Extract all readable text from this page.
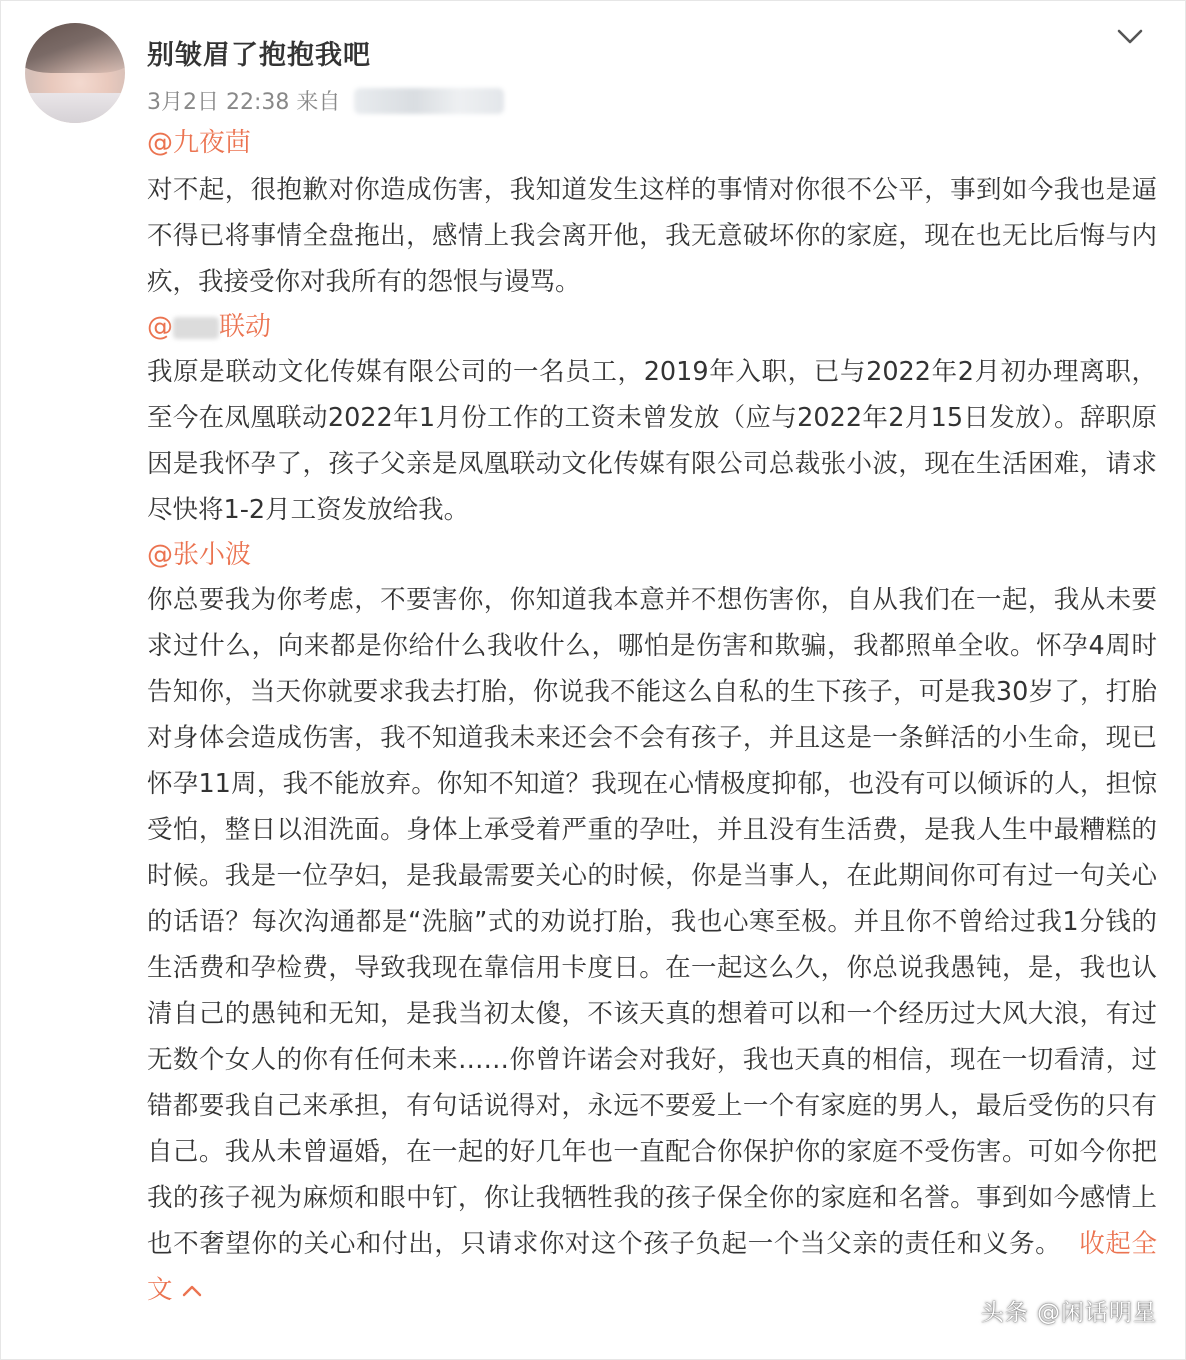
别皱眉了抱抱我吧
3月2日 22:38 来自
@九夜茴

对不起，很抱歉对你造成伤害，我知道发生这样的事情对你很不公平，事到如今我也是逼不得已将事情全盘拖出，感情上我会离开他，我无意破坏你的家庭，现在也无比后悔与内疚，我接受你对我所有的怨恨与谩骂。

@ 联动

我原是联动文化传媒有限公司的一名员工，2019年入职，已与2022年2月初办理离职，至今在凤凰联动2022年1月份工作的工资未曾发放（应与2022年2月15日发放）。辞职原因是我怀孕了，孩子父亲是凤凰联动文化传媒有限公司总裁张小波，现在生活困难，请求尽快将1-2月工资发放给我。

@张小波

你总要我为你考虑，不要害你，你知道我本意并不想伤害你，自从我们在一起，我从未要求过什么，向来都是你给什么我收什么，哪怕是伤害和欺骗，我都照单全收。怀孕4周时告知你，当天你就要求我去打胎，你说我不能这么自私的生下孩子，可是我30岁了，打胎对身体会造成伤害，我不知道我未来还会不会有孩子，并且这是一条鲜活的小生命，现已怀孕11周，我不能放弃。你知不知道？我现在心情极度抑郁，也没有可以倾诉的人，担惊受怕，整日以泪洗面。身体上承受着严重的孕吐，并且没有生活费，是我人生中最糟糕的时候。我是一位孕妇，是我最需要关心的时候，你是当事人，在此期间你可有过一句关心的话语？每次沟通都是“洗脑”式的劝说打胎，我也心寒至极。并且你不曾给过我1分钱的生活费和孕检费，导致我现在靠信用卡度日。在一起这么久，你总说我愚钝，是，我也认清自己的愚钝和无知，是我当初太傻，不该天真的想着可以和一个经历过大风大浪，有过无数个女人的你有任何未来……你曾许诺会对我好，我也天真的相信，现在一切看清，过错都要我自己来承担，有句话说得对，永远不要爱上一个有家庭的男人，最后受伤的只有自己。我从未曾逼婚，在一起的好几年也一直配合你保护你的家庭不受伤害。可如今你把我的孩子视为麻烦和眼中钉，你让我牺牲我的孩子保全你的家庭和名誉。事到如今感情上也不奢望你的关心和付出，只请求你对这个孩子负起一个当父亲的责任和义务。 收起全文

头条 @闲话明星
